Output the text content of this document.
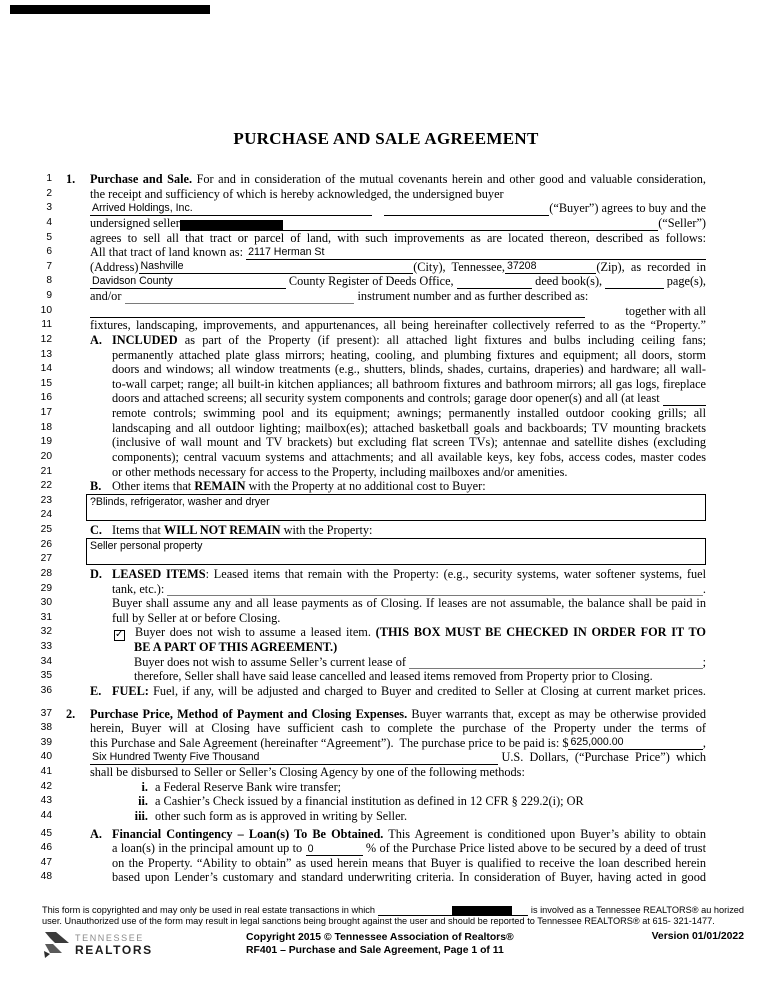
PURCHASE AND SALE AGREEMENT
1 1. Purchase and Sale. For and in consideration of the mutual covenants herein and other good and valuable consideration,
2	the receipt and sufficiency of which is hereby acknowledged, the undersigned buyer
3	Arrived Holdings, Inc.	(“Buyer”) agrees to buy and the
4	undersigned seller	(“Seller”)
5	agrees to sell all that tract or parcel of land, with such improvements as are located thereon, described as follows:
6	All that tract of land known as: 2117 Herman St
7	(Address) Nashville	(City),  Tennessee, 37208	(Zip),  as  recorded  in
8	Davidson County	County Register of Deeds Office,	deed book(s),	page(s),
9	and/or	instrument number and as further described as:
10	together with all
11	fixtures, landscaping, improvements, and appurtenances, all being hereinafter collectively referred to as the “Property.”
12	A. INCLUDED as part of the Property (if present): all attached light fixtures and bulbs including ceiling fans;
13	permanently attached plate glass mirrors; heating, cooling, and plumbing fixtures and equipment; all doors, storm
14	doors and windows; all window treatments (e.g., shutters, blinds, shades, curtains, draperies) and hardware; all wall-
15	to-wall carpet; range; all built-in kitchen appliances; all bathroom fixtures and bathroom mirrors; all gas logs, fireplace
16	doors and attached screens; all security system components and controls; garage door opener(s) and all (at least
17	remote controls; swimming pool and its equipment; awnings; permanently installed outdoor cooking grills; all
18	landscaping and all outdoor lighting; mailbox(es); attached basketball goals and backboards; TV mounting brackets
19	(inclusive of wall mount and TV brackets) but excluding flat screen TVs); antennae and satellite dishes (excluding
20	components); central vacuum systems and attachments; and all available keys, key fobs, access codes, master codes
21	or other methods necessary for access to the Property, including mailboxes and/or amenities.
22	B. Other items that REMAIN with the Property at no additional cost to Buyer:
23
24
?Blinds, refrigerator, washer and dryer
25	C. Items that WILL NOT REMAIN with the Property:
26
27
Seller personal property
28	D. LEASED ITEMS: Leased items that remain with the Property: (e.g., security systems, water softener systems, fuel
29	tank, etc.):	.
30	Buyer shall assume any and all lease payments as of Closing. If leases are not assumable, the balance shall be paid in
31	full by Seller at or before Closing.
32	✓ Buyer does not wish to assume a leased item. (THIS BOX MUST BE CHECKED IN ORDER FOR IT TO
33	BE A PART OF THIS AGREEMENT.)
34	Buyer does not wish to assume Seller’s current lease of	;
35	therefore, Seller shall have said lease cancelled and leased items removed from Property prior to Closing.
36	E. FUEL: Fuel, if any, will be adjusted and charged to Buyer and credited to Seller at Closing at current market prices.
37 2. Purchase Price, Method of Payment and Closing Expenses. Buyer warrants that, except as may be otherwise provided
38	herein, Buyer will at Closing have sufficient cash to complete the purchase of the Property under the terms of
39	this Purchase and Sale Agreement (hereinafter “Agreement”).  The purchase price to be paid is: $ 625,000.00	,
40	Six Hundred Twenty Five Thousand	U.S.  Dollars,  (“Purchase  Price”)  which
41	shall be disbursed to Seller or Seller’s Closing Agency by one of the following methods:
42	i. a Federal Reserve Bank wire transfer;
43	ii. a Cashier’s Check issued by a financial institution as defined in 12 CFR § 229.2(i); OR
44	iii. other such form as is approved in writing by Seller.
45	A. Financial Contingency – Loan(s) To Be Obtained. This Agreement is conditioned upon Buyer’s ability to obtain
46	a loan(s) in the principal amount up to 0	% of the Purchase Price listed above to be secured by a deed of trust
47	on the Property. “Ability to obtain” as used herein means that Buyer is qualified to receive the loan described herein
48	based upon Lender’s customary and standard underwriting criteria. In consideration of Buyer, having acted in good
This form is copyrighted and may only be used in real estate transactions in which	is involved as a Tennessee REALTORS® au horized
user. Unauthorized use of the form may result in legal sanctions being brought against the user and should be reported to Tennessee REALTORS® at 615- 321-1477.
TENNESSEE
REALTORS
Copyright 2015 © Tennessee Association of Realtors®
RF401 – Purchase and Sale Agreement, Page 1 of 11
Version 01/01/2022
